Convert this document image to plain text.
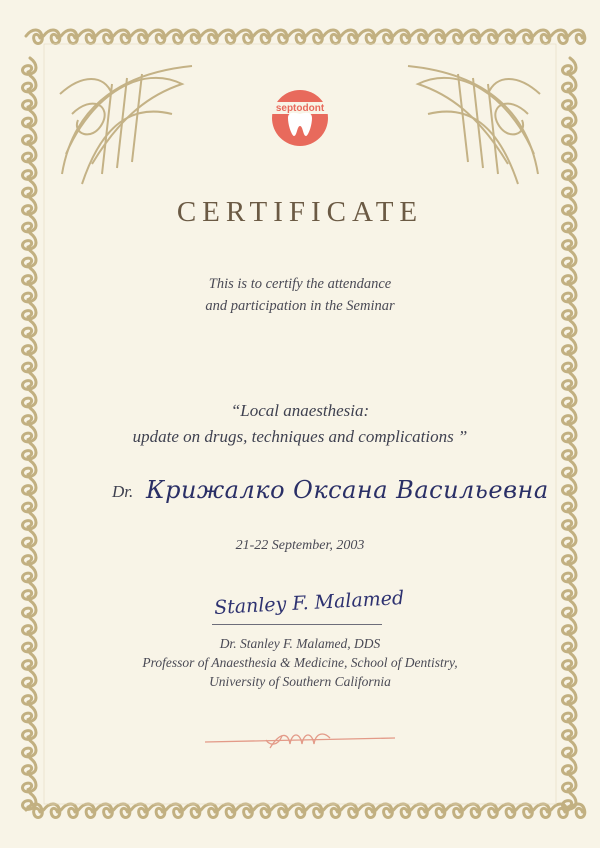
septodont
CERTIFICATE
This is to certify the attendance
and participation in the Seminar
“Local anaesthesia:
update on drugs, techniques and complications ”
Dr. Крижалко Оксана Васильевна
21-22 September, 2003
Stanley F. Malamed
Dr. Stanley F. Malamed, DDS
Professor of Anaesthesia & Medicine, School of Dentistry,
University of Southern California
